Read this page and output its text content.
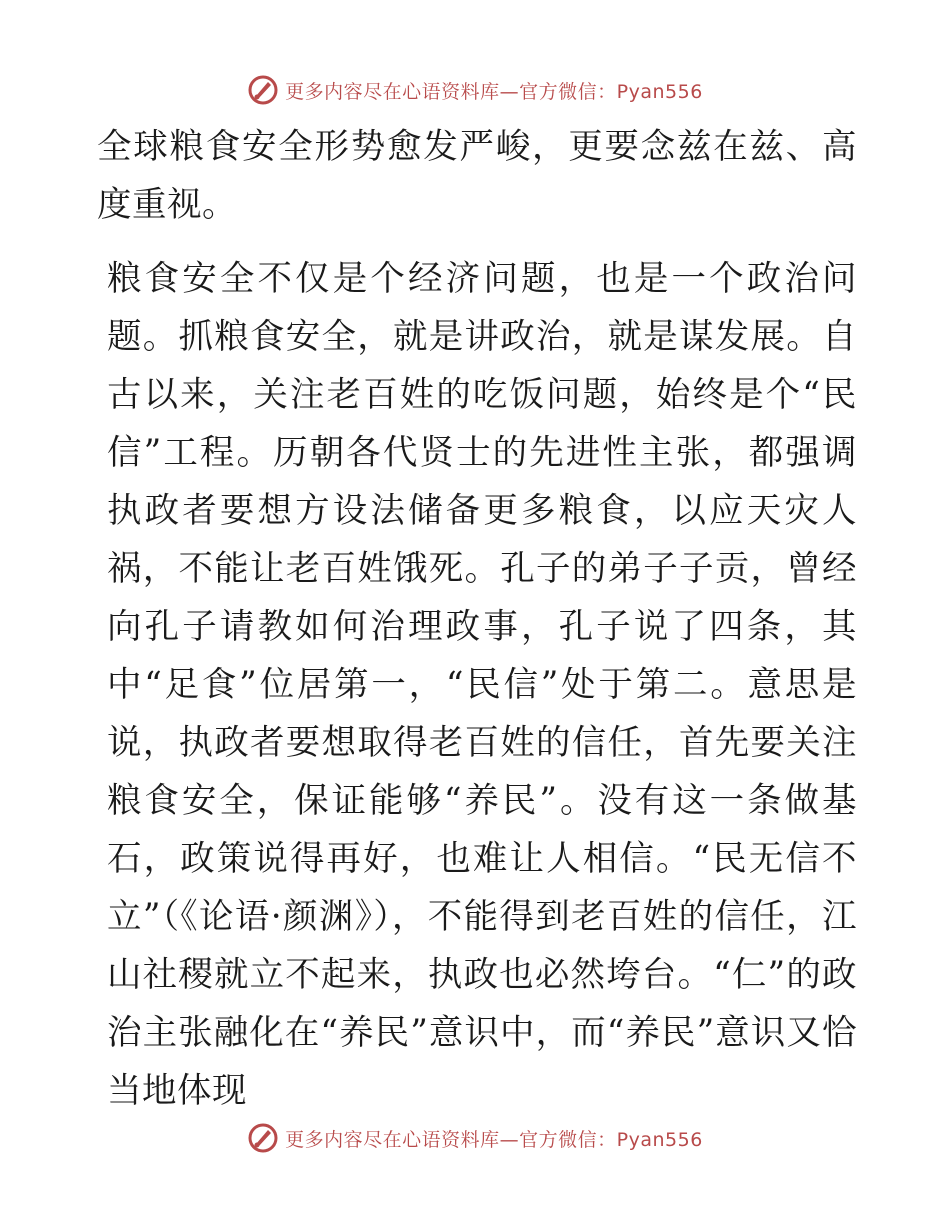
更多内容尽在心语资料库—官方微信：Pyan556

全球粮食安全形势愈发严峻，更要念兹在兹、高度重视。

粮食安全不仅是个经济问题，也是一个政治问题。抓粮食安全，就是讲政治，就是谋发展。自古以来，关注老百姓的吃饭问题，始终是个“民信”工程。历朝各代贤士的先进性主张，都强调执政者要想方设法储备更多粮食，以应天灾人祸，不能让老百姓饿死。孔子的弟子子贡，曾经向孔子请教如何治理政事，孔子说了四条，其中“足食”位居第一，“民信”处于第二。意思是说，执政者要想取得老百姓的信任，首先要关注粮食安全，保证能够“养民”。没有这一条做基石，政策说得再好，也难让人相信。“民无信不立”（《论语·颜渊》），不能得到老百姓的信任，江山社稷就立不起来，执政也必然垮台。“仁”的政治主张融化在“养民”意识中，而“养民”意识又恰当地体现

更多内容尽在心语资料库—官方微信：Pyan556
